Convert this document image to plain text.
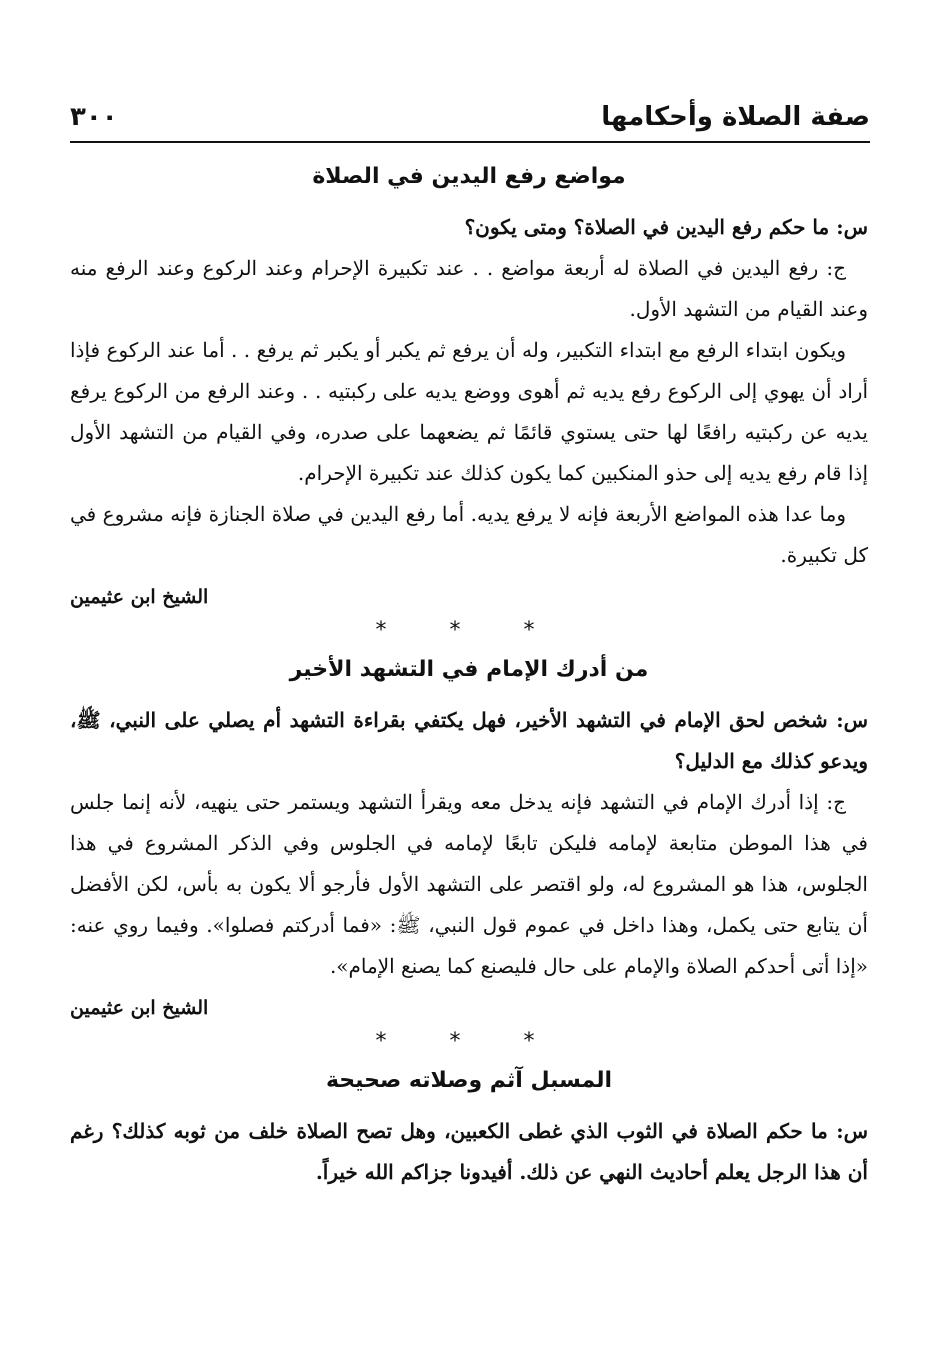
صفة الصلاة وأحكامها
٣٠٠
مواضع رفع اليدين في الصلاة

س: ما حكم رفع اليدين في الصلاة؟ ومتى يكون؟

ج: رفع اليدين في الصلاة له أربعة مواضع . . عند تكبيرة الإحرام وعند الركوع وعند الرفع منه وعند القيام من التشهد الأول.

ويكون ابتداء الرفع مع ابتداء التكبير، وله أن يرفع ثم يكبر أو يكبر ثم يرفع . . أما عند الركوع فإذا أراد أن يهوي إلى الركوع رفع يديه ثم أهوى ووضع يديه على ركبتيه . . وعند الرفع من الركوع يرفع يديه عن ركبتيه رافعًا لها حتى يستوي قائمًا ثم يضعهما على صدره، وفي القيام من التشهد الأول إذا قام رفع يديه إلى حذو المنكبين كما يكون كذلك عند تكبيرة الإحرام.

وما عدا هذه المواضع الأربعة فإنه لا يرفع يديه. أما رفع اليدين في صلاة الجنازة فإنه مشروع في كل تكبيرة.

الشيخ ابن عثيمين
* * *
من أدرك الإمام في التشهد الأخير

س: شخص لحق الإمام في التشهد الأخير، فهل يكتفي بقراءة التشهد أم يصلي على النبي، ﷺ، ويدعو كذلك مع الدليل؟

ج: إذا أدرك الإمام في التشهد فإنه يدخل معه ويقرأ التشهد ويستمر حتى ينهيه، لأنه إنما جلس في هذا الموطن متابعة لإمامه فليكن تابعًا لإمامه في الجلوس وفي الذكر المشروع في هذا الجلوس، هذا هو المشروع له، ولو اقتصر على التشهد الأول فأرجو ألا يكون به بأس، لكن الأفضل أن يتابع حتى يكمل، وهذا داخل في عموم قول النبي، ﷺ: «فما أدركتم فصلوا». وفيما روي عنه: «إذا أتى أحدكم الصلاة والإمام على حال فليصنع كما يصنع الإمام».

الشيخ ابن عثيمين
* * *
المسبل آثم وصلاته صحيحة

س: ما حكم الصلاة في الثوب الذي غطى الكعبين، وهل تصح الصلاة خلف من ثوبه كذلك؟ رغم أن هذا الرجل يعلم أحاديث النهي عن ذلك. أفيدونا جزاكم الله خيراً.
